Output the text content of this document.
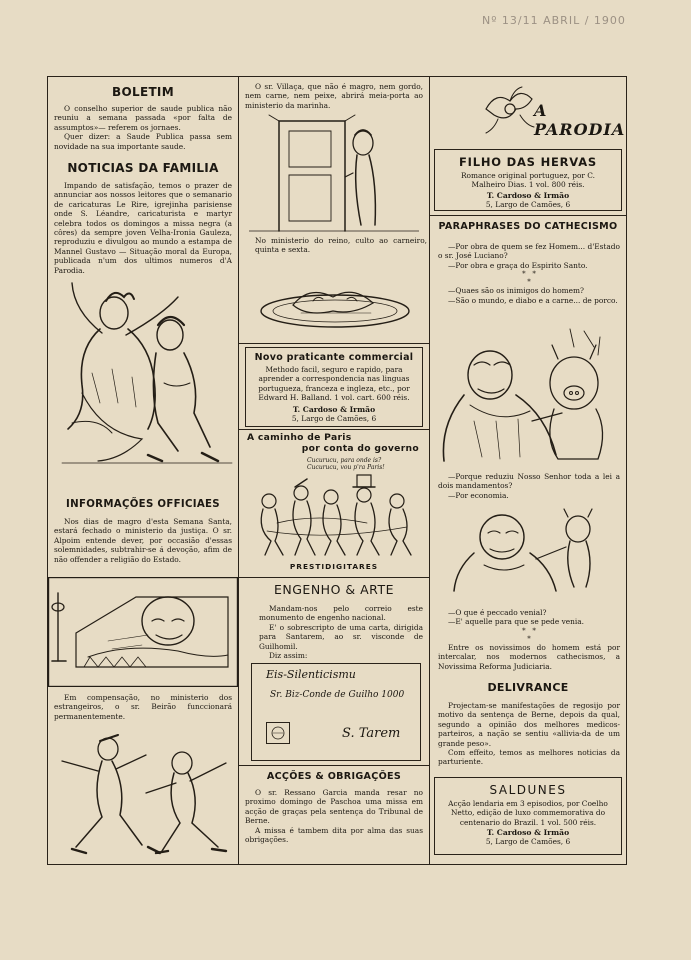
Nº 13/11 ABRIL / 1900
BOLETIM

O conselho superior de saude publica não reuniu a semana passada «por falta de assumptos»— referem os jornaes.

Quer dizer: a Saude Publica passa sem novidade na sua importante saude.

NOTICIAS DA FAMILIA

Impando de satisfação, temos o prazer de annunciar aos nossos leitores que o semanario de caricaturas Le Rire, igrejinha parisiense onde S. Léandre, caricaturista e martyr celebra todos os domingos a missa negra (a côres) da sempre joven Velha-Ironia Gauleza, reproduziu e divulgou ao mundo a estampa de Mannel Gustavo — Situação moral da Europa, publicada n'um dos ultimos numeros d'A Parodia.

INFORMAÇÕES OFFICIAES

Nos dias de magro d'esta Semana Santa, estará fechado o ministerio da justiça. O sr. Alpoim entende dever, por occasião d'essas solemnidades, subtrahir-se á devoção, afim de não offender a religião do Estado.

Em compensação, no ministerio dos estrangeiros, o sr. Beirão funccionará permanentemente.

O sr. Villaça, que não é magro, nem gordo, nem carne, nem peixe, abrirá meia-porta ao ministerio da marinha.

No ministerio do reino, culto ao carneiro, quinta e sexta.

Novo praticante commercial
Methodo facil, seguro e rapido, para aprender a correspondencia nas linguas portugueza, franceza e ingleza, etc., por Edward H. Balland. 1 vol. cart. 600 réis.
T. Cardoso & Irmão
5, Largo de Camões, 6
A caminho de Paris
por conta do governo
Cucurucu, para onde is?
Cucurucu, vou p'ra Paris!
PRESTIDIGITARES
ENGENHO & ARTE

Mandam-nos pelo correio este monumento de engenho nacional.

E' o sobrescripto de uma carta, dirigida para Santarem, ao sr. visconde de Guilhomil.

Diz assim:

Eis-Silenticismu
Sr. Biz-Conde de Guilho 1000
S. Tarem
ACÇÕES & OBRIGAÇÕES

O sr. Ressano Garcia manda resar no proximo domingo de Paschoa uma missa em acção de graças pela sentença do Tribunal de Berne.

A missa é tambem dita por alma das suas obrigações.

A PARODIA
FILHO DAS HERVAS
Romance original portuguez, por C. Malheiro Dias. 1 vol. 800 réis.
T. Cardoso & Irmão
5, Largo de Camões, 6
PARAPHRASES DO CATHECISMO

—Por obra de quem se fez Homem... d'Estado o sr. José Luciano?

—Por obra e graça do Espirito Santo.

*   *
*

—Quaes são os inimigos do homem?

—São o mundo, e diabo e a carne... de porco.

—Porque reduziu Nosso Senhor toda a lei a dois mandamentos?

—Por economia.

—O que é peccado venial?

—E' aquelle para que se pede venia.

*   *
*

Entre os novissimos do homem está por intercalar, nos modernos cathecismos, a Novissima Reforma Judiciaria.

DELIVRANCE

Projectam-se manifestações de regosijo por motivo da sentença de Berne, depois da qual, segundo a opinião dos melhores medicos-parteiros, a nação se sentiu «allivia-da de um grande peso».

Com effeito, temos as melhores noticias da parturiente.

SALDUNES
Acção lendaria em 3 episodios, por Coelho Netto, edição de luxo commemorativa do centenario do Brazil. 1 vol. 500 réis.
T. Cardoso & Irmão
5, Largo de Camões, 6
